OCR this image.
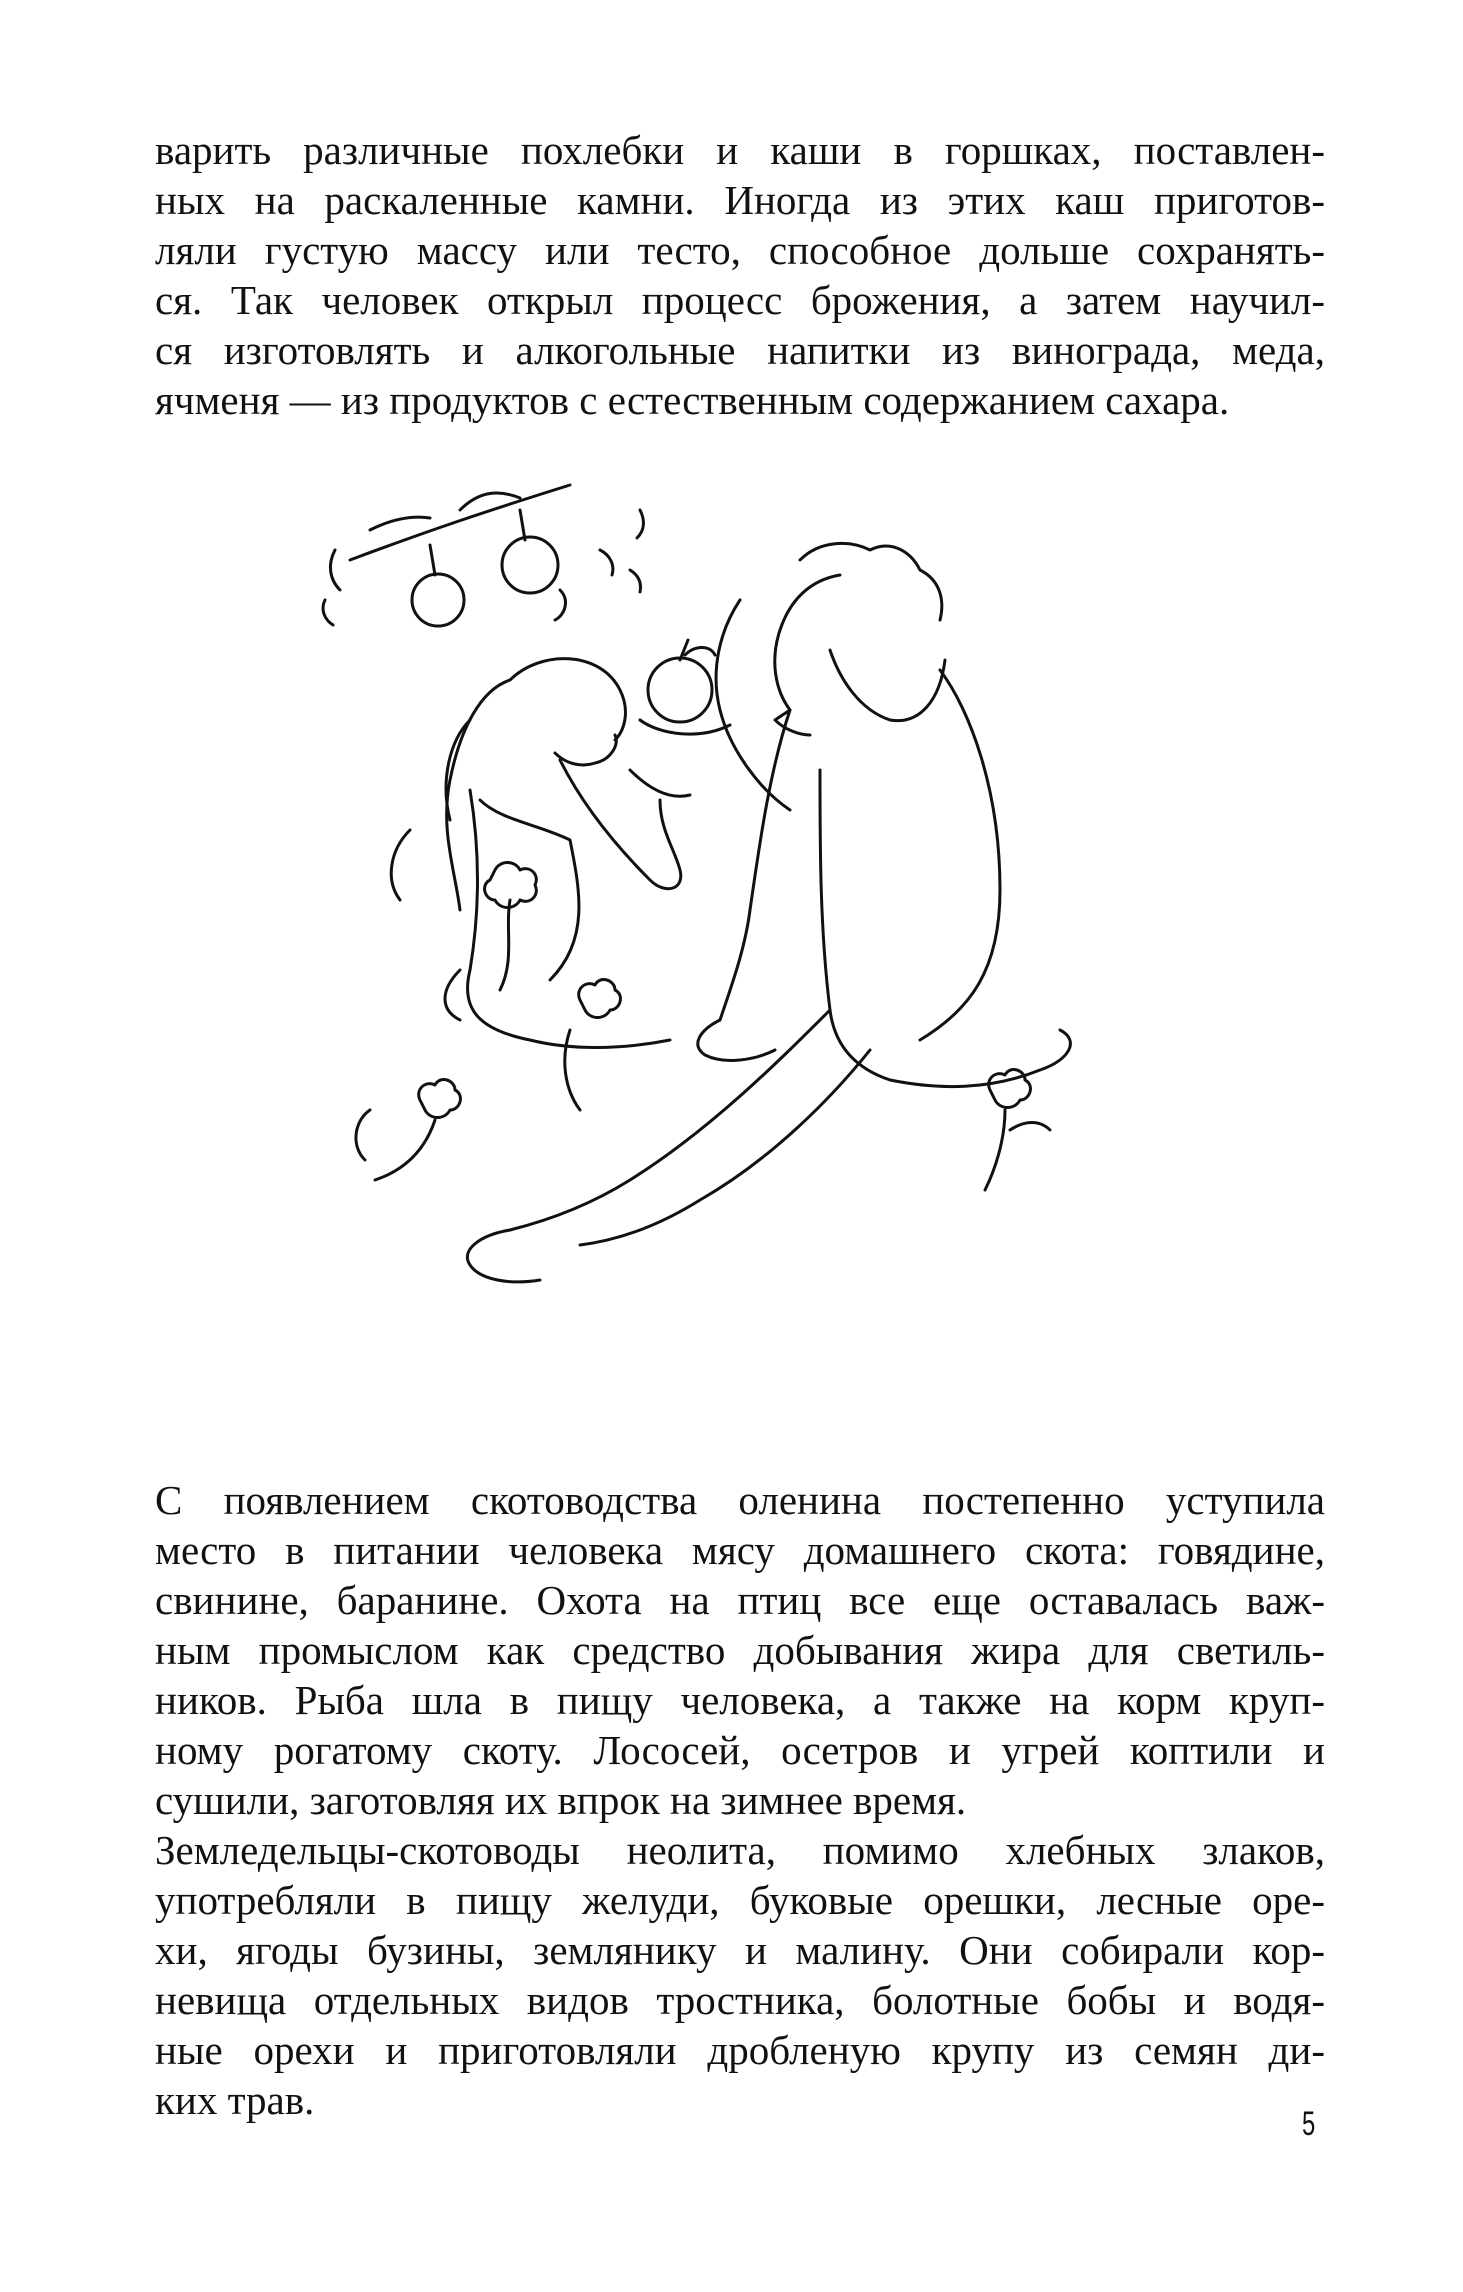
варить различные похлебки и каши в горшках, поставлен-
ных на раскаленные камни. Иногда из этих каш приготов-
ляли густую массу или тесто, способное дольше сохранять-
ся. Так человек открыл процесс брожения, а затем научил-
ся изготовлять и алкогольные напитки из винограда, меда,
ячменя — из продуктов с естественным содержанием сахара.
С появлением скотоводства оленина постепенно уступила
место в питании человека мясу домашнего скота: говядине,
свинине, баранине. Охота на птиц все еще оставалась важ-
ным промыслом как средство добывания жира для светиль-
ников. Рыба шла в пищу человека, а также на корм круп-
ному рогатому скоту. Лососей, осетров и угрей коптили и
сушили, заготовляя их впрок на зимнее время.
Земледельцы-скотоводы неолита, помимо хлебных злаков,
употребляли в пищу желуди, буковые орешки, лесные оре-
хи, ягоды бузины, землянику и малину. Они собирали кор-
невища отдельных видов тростника, болотные бобы и водя-
ные орехи и приготовляли дробленую крупу из семян ди-
ких трав.
5
